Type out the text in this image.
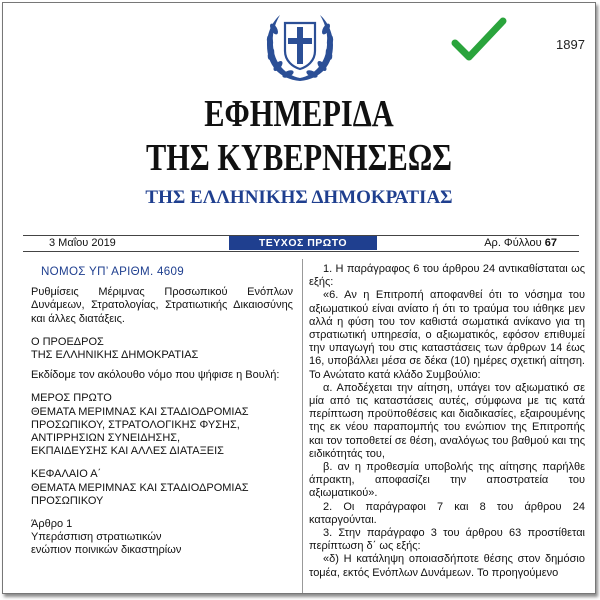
1897
ΕΦΗΜΕΡΙΔΑ
ΤΗΣ ΚΥΒΕΡΝΗΣΕΩΣ
ΤΗΣ ΕΛΛΗΝΙΚΗΣ ΔΗΜΟΚΡΑΤΙΑΣ
3 Μαΐου 2019	ΤΕΥΧΟΣ ΠΡΩΤΟ	Αρ. Φύλλου 67

ΝΟΜΟΣ ΥΠ’ ΑΡΙΘΜ. 4609

Ρυθμίσεις Μέριμνας Προσωπικού Ενόπλων Δυνάμεων, Στρατολογίας, Στρατιωτικής Δικαιοσύνης και άλλες διατάξεις.

Ο ΠΡΟΕΔΡΟΣ

ΤΗΣ ΕΛΛΗΝΙΚΗΣ ΔΗΜΟΚΡΑΤΙΑΣ

Εκδίδομε τον ακόλουθο νόμο που ψήφισε η Βουλή:

ΜΕΡΟΣ ΠΡΩΤΟ

ΘΕΜΑΤΑ ΜΕΡΙΜΝΑΣ ΚΑΙ ΣΤΑΔΙΟΔΡΟΜΙΑΣ

ΠΡΟΣΩΠΙΚΟΥ, ΣΤΡΑΤΟΛΟΓΙΚΗΣ ΦΥΣΗΣ,

ΑΝΤΙΡΡΗΣΙΩΝ ΣΥΝΕΙΔΗΣΗΣ,

ΕΚΠΑΙΔΕΥΣΗΣ ΚΑΙ ΑΛΛΕΣ ΔΙΑΤΑΞΕΙΣ

ΚΕΦΑΛΑΙΟ Α΄

ΘΕΜΑΤΑ ΜΕΡΙΜΝΑΣ ΚΑΙ ΣΤΑΔΙΟΔΡΟΜΙΑΣ

ΠΡΟΣΩΠΙΚΟΥ

Άρθρο 1

Υπεράσπιση στρατιωτικών

ενώπιον ποινικών δικαστηρίων

1. Η παράγραφος 6 του άρθρου 24 αντικαθίσταται ως εξής:

«6. Αν η Επιτροπή αποφανθεί ότι το νόσημα του αξιωματικού είναι ανίατο ή ότι το τραύμα του ιάθηκε μεν αλλά η φύση του τον καθιστά σωματικά ανίκανο για τη στρατιωτική υπηρεσία, ο αξιωματικός, εφόσον επιθυμεί την υπαγωγή του στις καταστάσεις των άρθρων 14 έως 16, υποβάλλει μέσα σε δέκα (10) ημέρες σχετική αίτηση. Το Ανώτατο κατά κλάδο Συμβούλιο:

α. Αποδέχεται την αίτηση, υπάγει τον αξιωματικό σε μία από τις καταστάσεις αυτές, σύμφωνα με τις κατά περίπτωση προϋποθέσεις και διαδικασίες, εξαιρουμένης της εκ νέου παραπομπής του ενώπιον της Επιτροπής και τον τοποθετεί σε θέση, αναλόγως του βαθμού και της ειδικότητάς του,

β. αν η προθεσμία υποβολής της αίτησης παρήλθε άπρακτη, αποφασίζει την αποστρατεία του αξιωματικού».

2. Οι παράγραφοι 7 και 8 του άρθρου 24 καταργούνται.

3. Στην παράγραφο 3 του άρθρου 63 προστίθεται περίπτωση δ΄ ως εξής:

«δ) Η κατάληψη οποιασδήποτε θέσης στον δημόσιο τομέα, εκτός Ενόπλων Δυνάμεων. Το προηγούμενο
